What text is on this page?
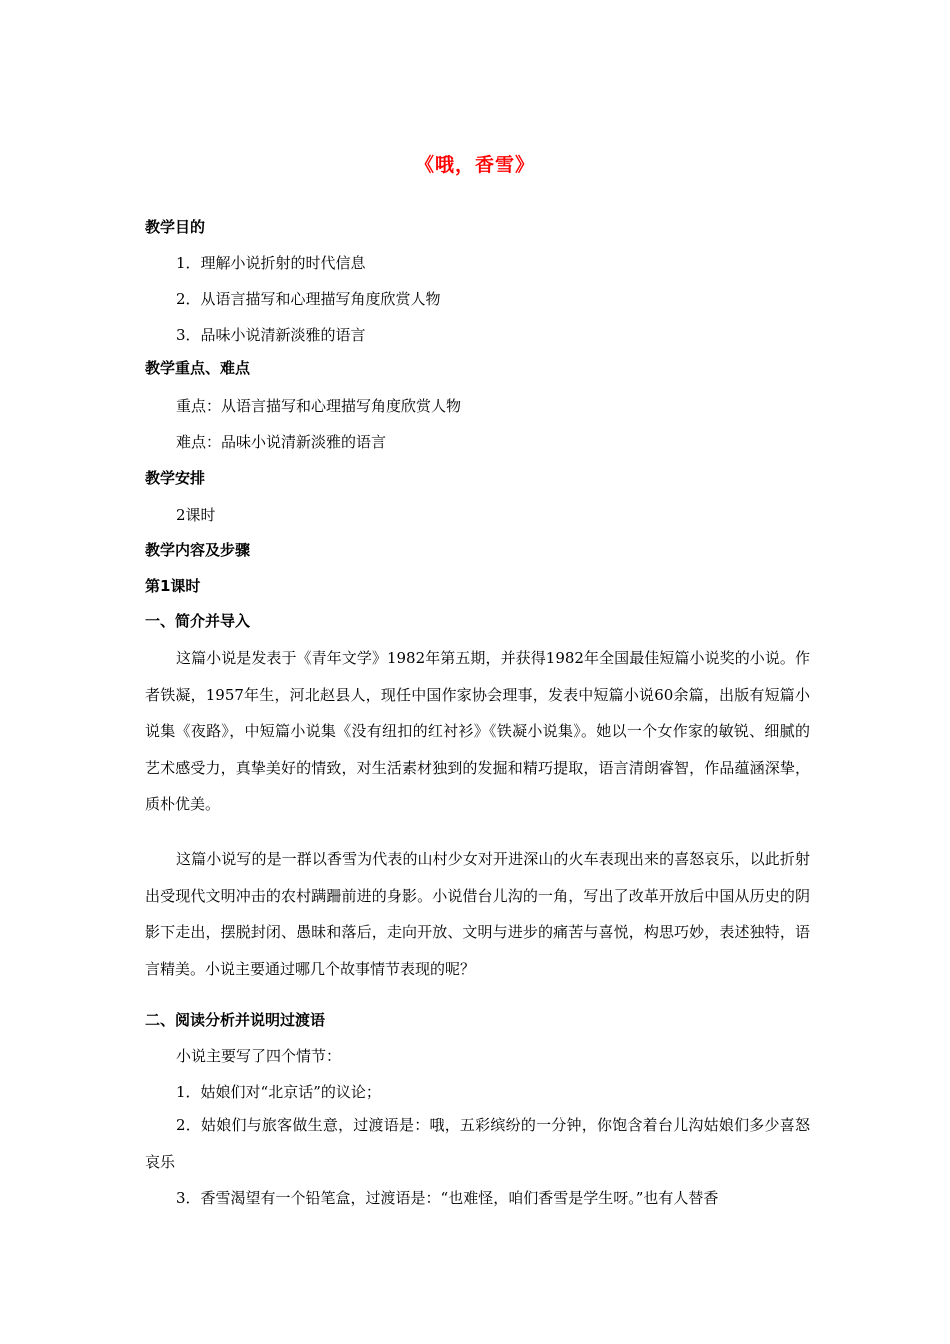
《哦，香雪》
教学目的
1．理解小说折射的时代信息
2．从语言描写和心理描写角度欣赏人物
3．品味小说清新淡雅的语言
教学重点、难点
重点：从语言描写和心理描写角度欣赏人物
难点：品味小说清新淡雅的语言
教学安排
2课时
教学内容及步骤
第1课时
一、简介并导入

这篇小说是发表于《青年文学》1982年第五期，并获得1982年全国最佳短篇小说奖的小说。作者铁凝，1957年生，河北赵县人，现任中国作家协会理事，发表中短篇小说60余篇，出版有短篇小说集《夜路》，中短篇小说集《没有纽扣的红衬衫》《铁凝小说集》。她以一个女作家的敏锐、细腻的艺术感受力，真挚美好的情致，对生活素材独到的发掘和精巧提取，语言清朗睿智，作品蕴涵深挚，质朴优美。

这篇小说写的是一群以香雪为代表的山村少女对开进深山的火车表现出来的喜怒哀乐，以此折射出受现代文明冲击的农村蹒跚前进的身影。小说借台儿沟的一角，写出了改革开放后中国从历史的阴影下走出，摆脱封闭、愚昧和落后，走向开放、文明与进步的痛苦与喜悦，构思巧妙，表述独特，语言精美。小说主要通过哪几个故事情节表现的呢？

二、阅读分析并说明过渡语
小说主要写了四个情节：
1．姑娘们对“北京话”的议论；

2．姑娘们与旅客做生意，过渡语是：哦，五彩缤纷的一分钟，你饱含着台儿沟姑娘们多少喜怒哀乐

3．香雪渴望有一个铅笔盒，过渡语是：“也难怪，咱们香雪是学生呀。”也有人替香
